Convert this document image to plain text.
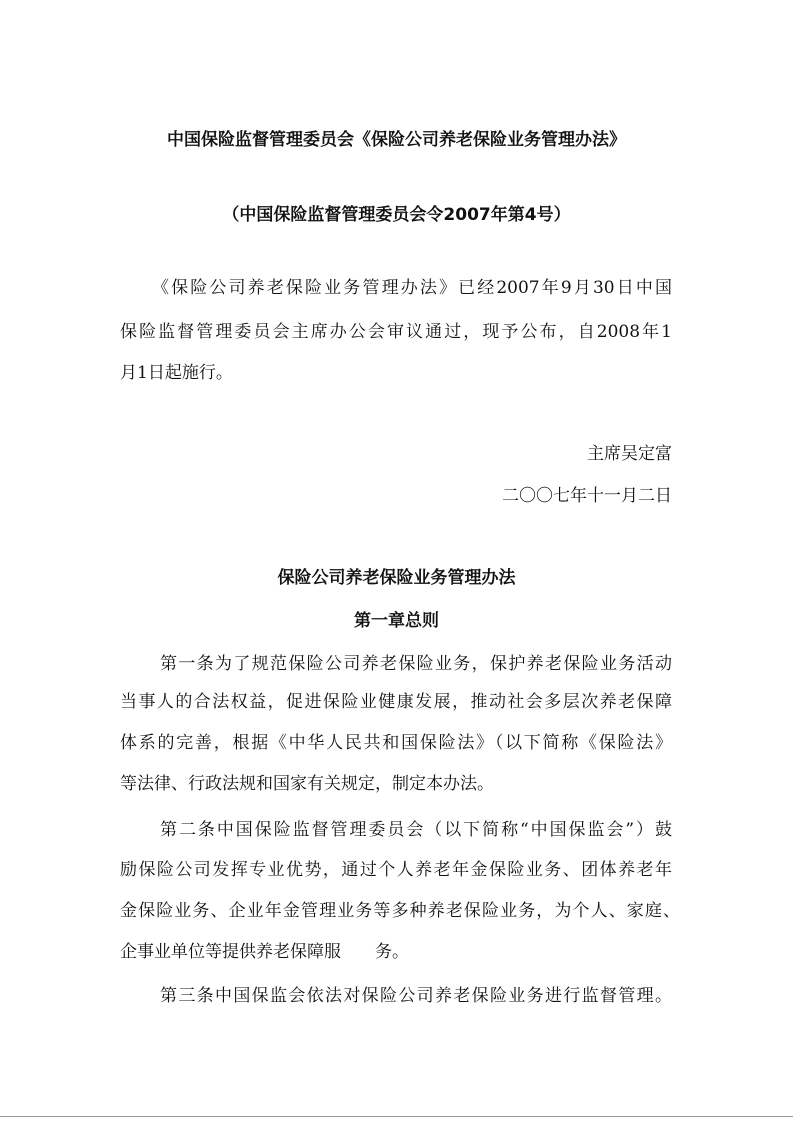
中国保险监督管理委员会《保险公司养老保险业务管理办法》
（中国保险监督管理委员会令2007年第4号）
《保险公司养老保险业务管理办法》已经2007年9月30日中国
保险监督管理委员会主席办公会审议通过，现予公布，自2008年1
月1日起施行。
主席吴定富
二〇〇七年十一月二日
保险公司养老保险业务管理办法
第一章总则
第一条为了规范保险公司养老保险业务，保护养老保险业务活动
当事人的合法权益，促进保险业健康发展，推动社会多层次养老保障
体系的完善，根据《中华人民共和国保险法》（以下简称《保险法》
等法律、行政法规和国家有关规定，制定本办法。
第二条中国保险监督管理委员会（以下简称“中国保监会”）鼓
励保险公司发挥专业优势，通过个人养老年金保险业务、团体养老年
金保险业务、企业年金管理业务等多种养老保险业务，为个人、家庭、
企事业单位等提供养老保障服　　务。
第三条中国保监会依法对保险公司养老保险业务进行监督管理。
